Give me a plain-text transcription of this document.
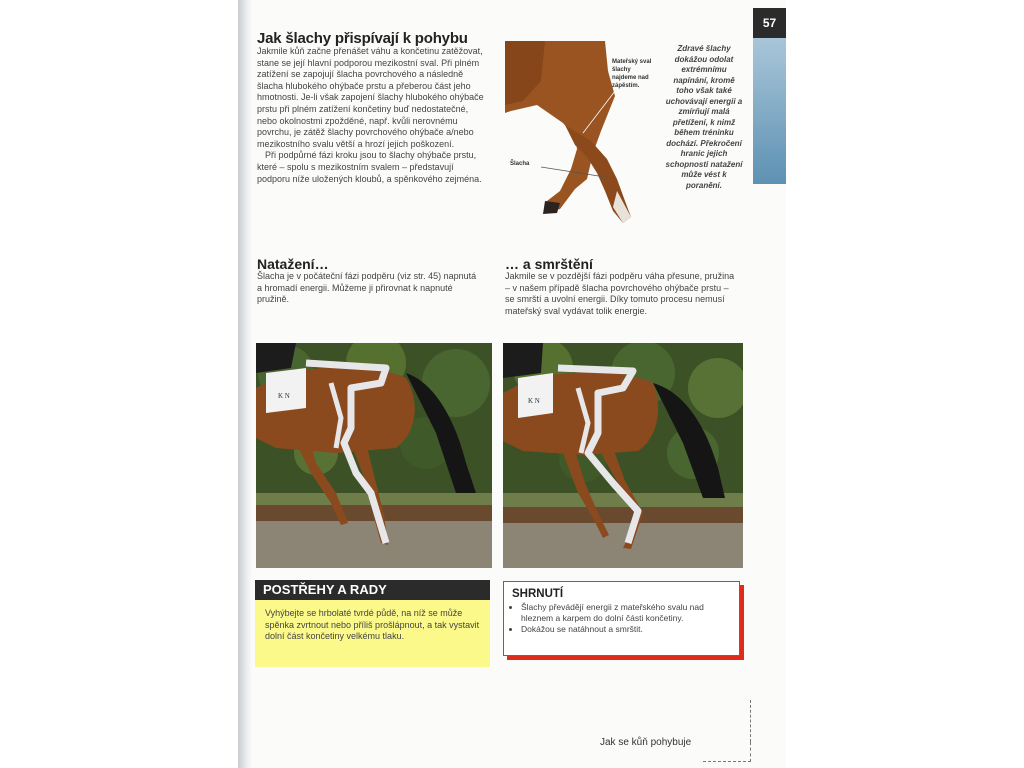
57
Jak šlachy přispívají k pohybu

Jakmile kůň začne přenášet váhu a končetinu zatěžovat, stane se její hlavní podporou mezikostní sval. Při plném zatížení se zapojují šlacha povrchového a následně šlacha hlubokého ohýbače prstu a přeberou část jeho hmotnosti. Je-li však zapojení šlachy hlubokého ohýbače prstu při plném zatížení končetiny buď nedostatečné, nebo okolnostmi zpožděné, např. kvůli nerovnému povrchu, je zátěž šlachy povrchového ohýbače a/nebo mezikostního svalu větší a hrozí jejich poškození.

Při podpůrné fázi kroku jsou to šlachy ohýbače prstu, které – spolu s mezikostním svalem – představují podporu níže uložených kloubů, a spěnkového zejména.

Mateřský sval šlachy najdeme nad zápěstím.
Šlacha
Zdravé šlachy dokážou odolat extrémnímu napínání, kromě toho však také uchovávají energii a zmírňují malá přetížení, k nimž během tréninku dochází. Překročení hranic jejich schopnosti natažení může vést k poranění.
Natažení…
Šlacha je v počáteční fázi podpěru (viz str. 45) napnutá a hromadí energii. Můžeme ji přirovnat k napnuté pružině.
… a smrštění
Jakmile se v pozdější fázi podpěru váha přesune, pružina – v našem případě šlacha povrchového ohýbače prstu – se smrští a uvolní energii. Díky tomuto procesu nemusí mateřský sval vydávat tolik energie.
K N
K N
POSTŘEHY A RADY
Vyhýbejte se hrbolaté tvrdé půdě, na níž se může spěnka zvrtnout nebo příliš prošlápnout, a tak vystavit dolní část končetiny velkému tlaku.
SHRNUTÍ
• Šlachy převádějí energii z mateřského svalu nad hleznem a karpem do dolní části končetiny.
• Dokážou se natáhnout a smrštit.
Jak se kůň pohybuje
